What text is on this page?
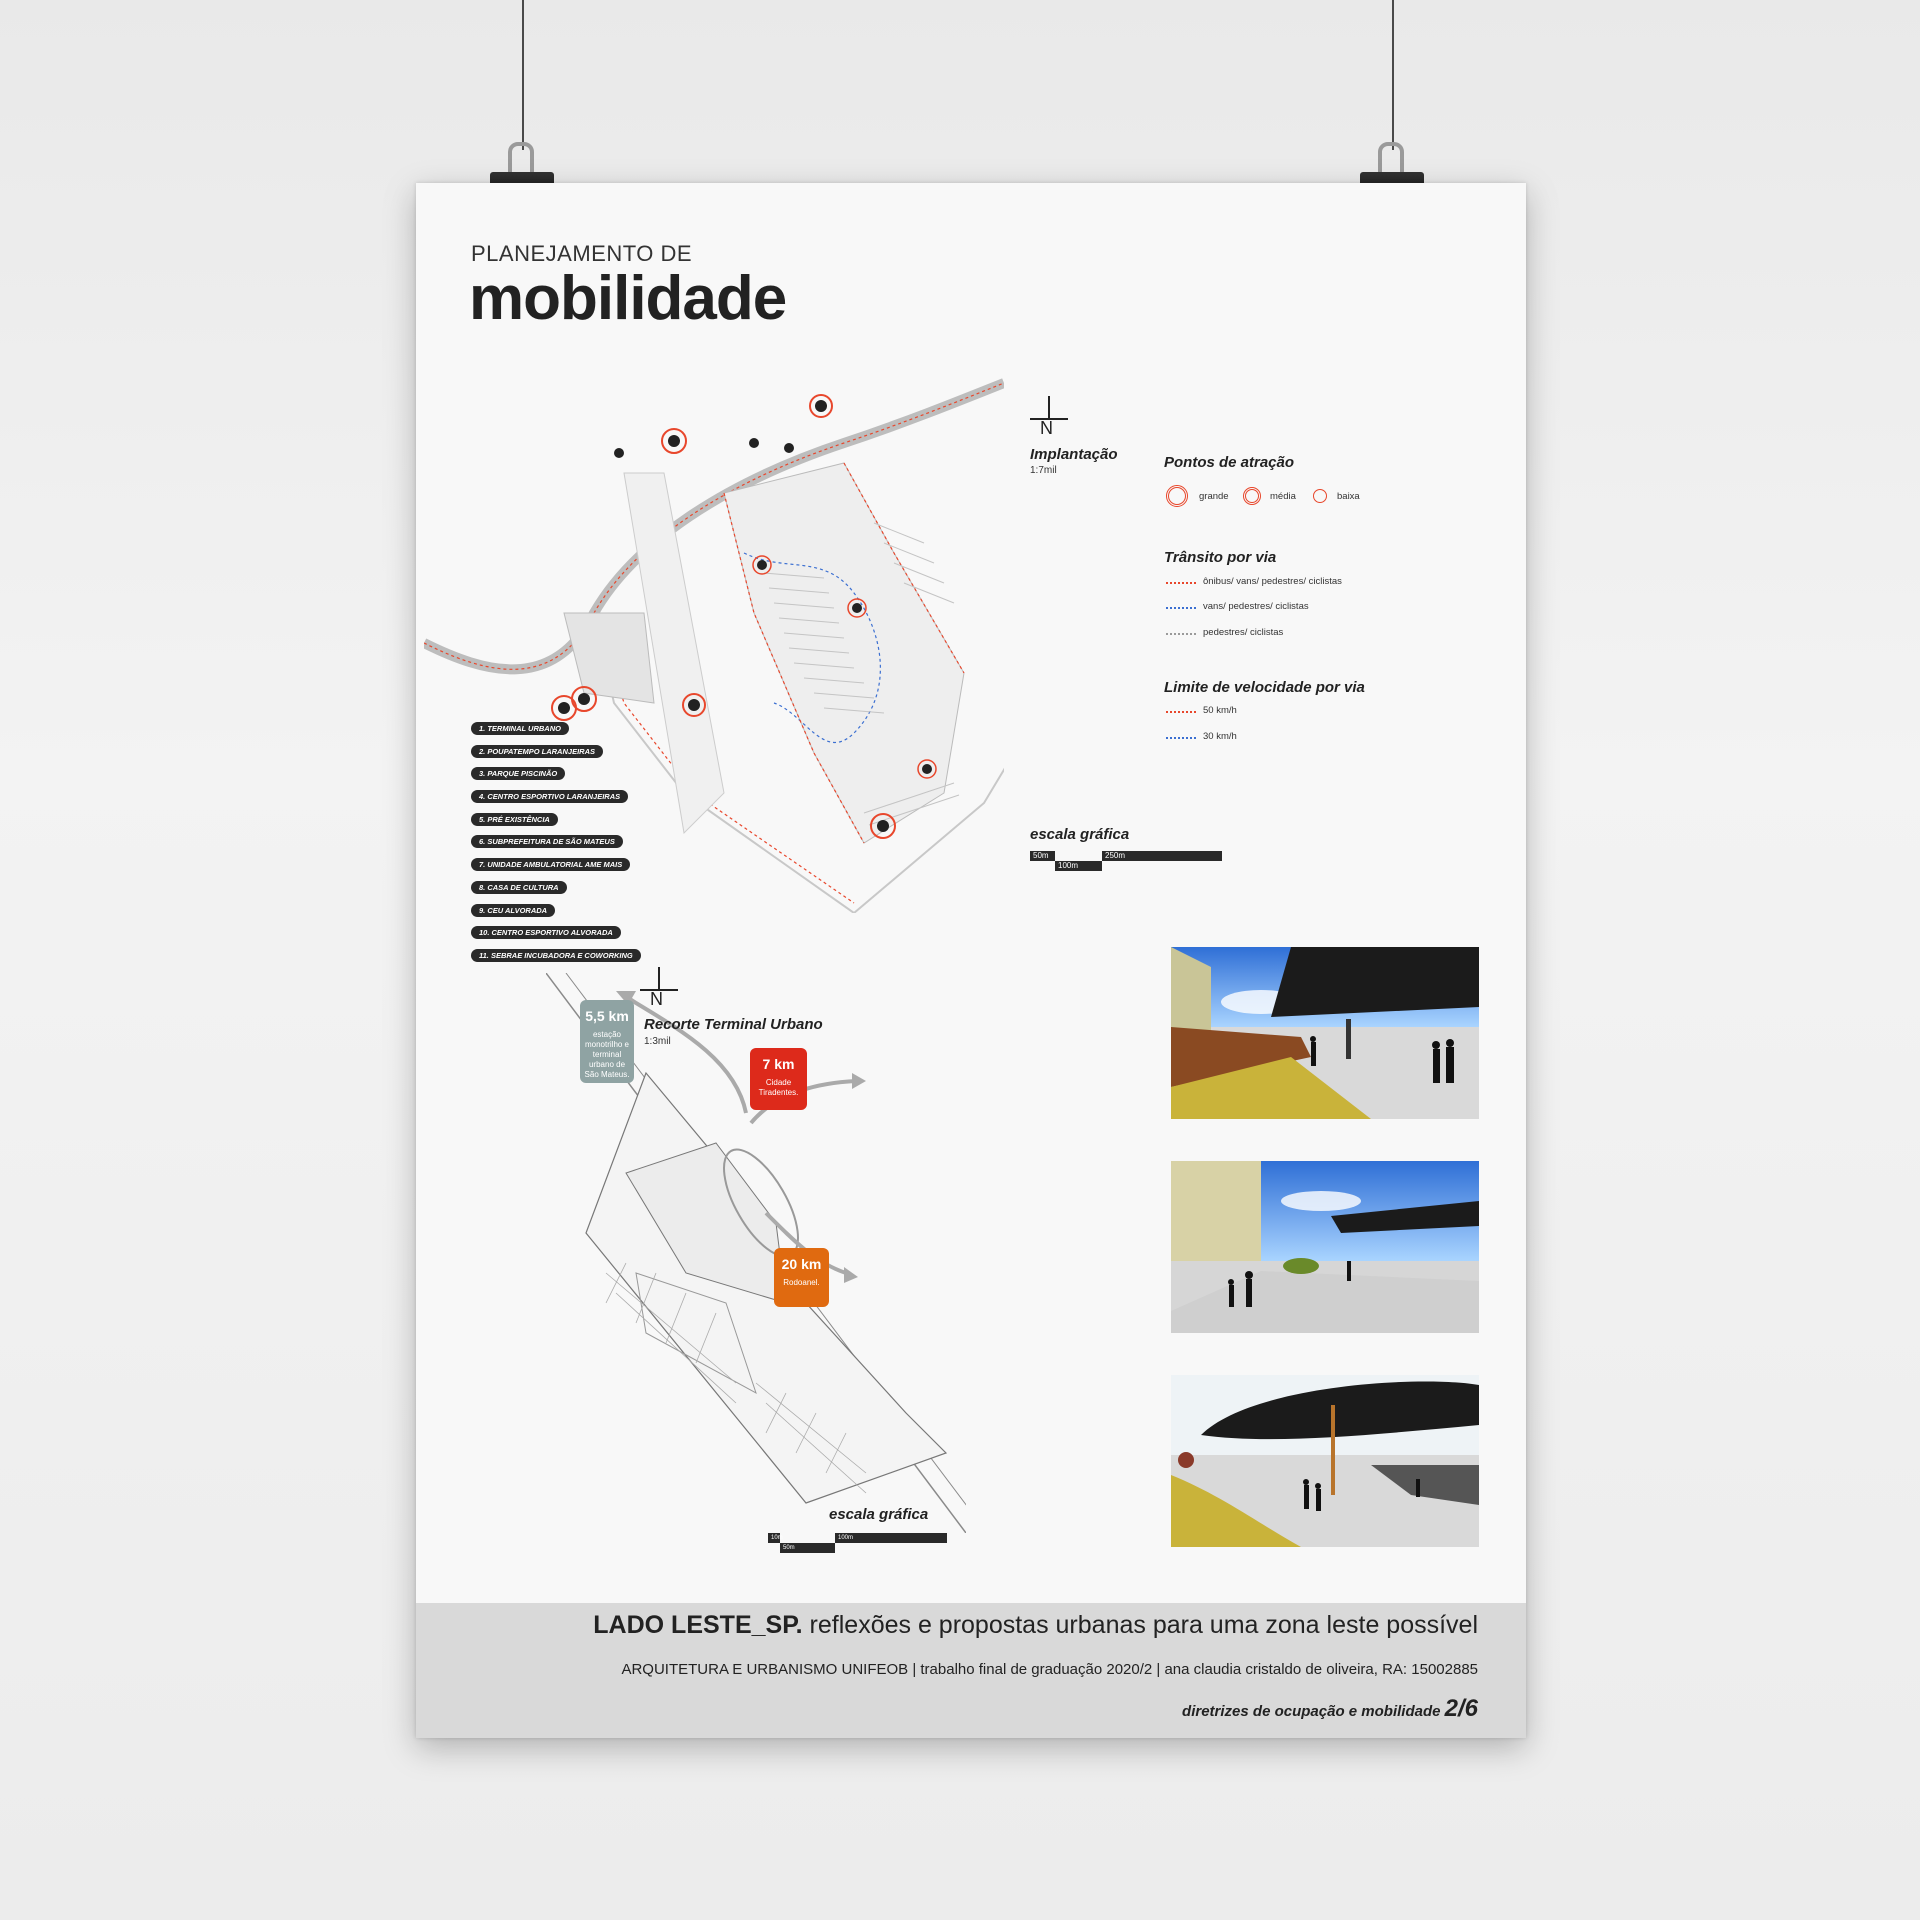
PLANEJAMENTO DE
mobilidade
N
Implantação
1:7mil	Pontos de atração
grande	média	baixa
Trânsito por via
ônibus/ vans/ pedestres/ ciclistas
vans/ pedestres/ ciclistas
pedestres/ ciclistas
Limite de velocidade por via
50 km/h
30 km/h
1. TERMINAL URBANO
2. POUPATEMPO LARANJEIRAS
3. PARQUE PISCINÃO
4. CENTRO ESPORTIVO LARANJEIRAS
5. PRÉ EXISTÊNCIA
6. SUBPREFEITURA DE SÃO MATEUS
7. UNIDADE AMBULATORIAL AME MAIS
8. CASA DE CULTURA
9. CEU ALVORADA
10. CENTRO ESPORTIVO ALVORADA
11. SEBRAE INCUBADORA E COWORKING
escala gráfica
50m
100m
250m
N
Recorte Terminal Urbano
1:3mil
5,5 km
estação monotrilho e terminal urbano de São Mateus.
7 km
Cidade Tiradentes.
20 km
Rodoanel.
escala gráfica
10m
50m
100m
LADO LESTE_SP. reflexões e propostas urbanas para uma zona leste possível
ARQUITETURA E URBANISMO UNIFEOB | trabalho final de graduação 2020/2 | ana claudia cristaldo de oliveira, RA: 15002885
diretrizes de ocupação e mobilidade 2/6
